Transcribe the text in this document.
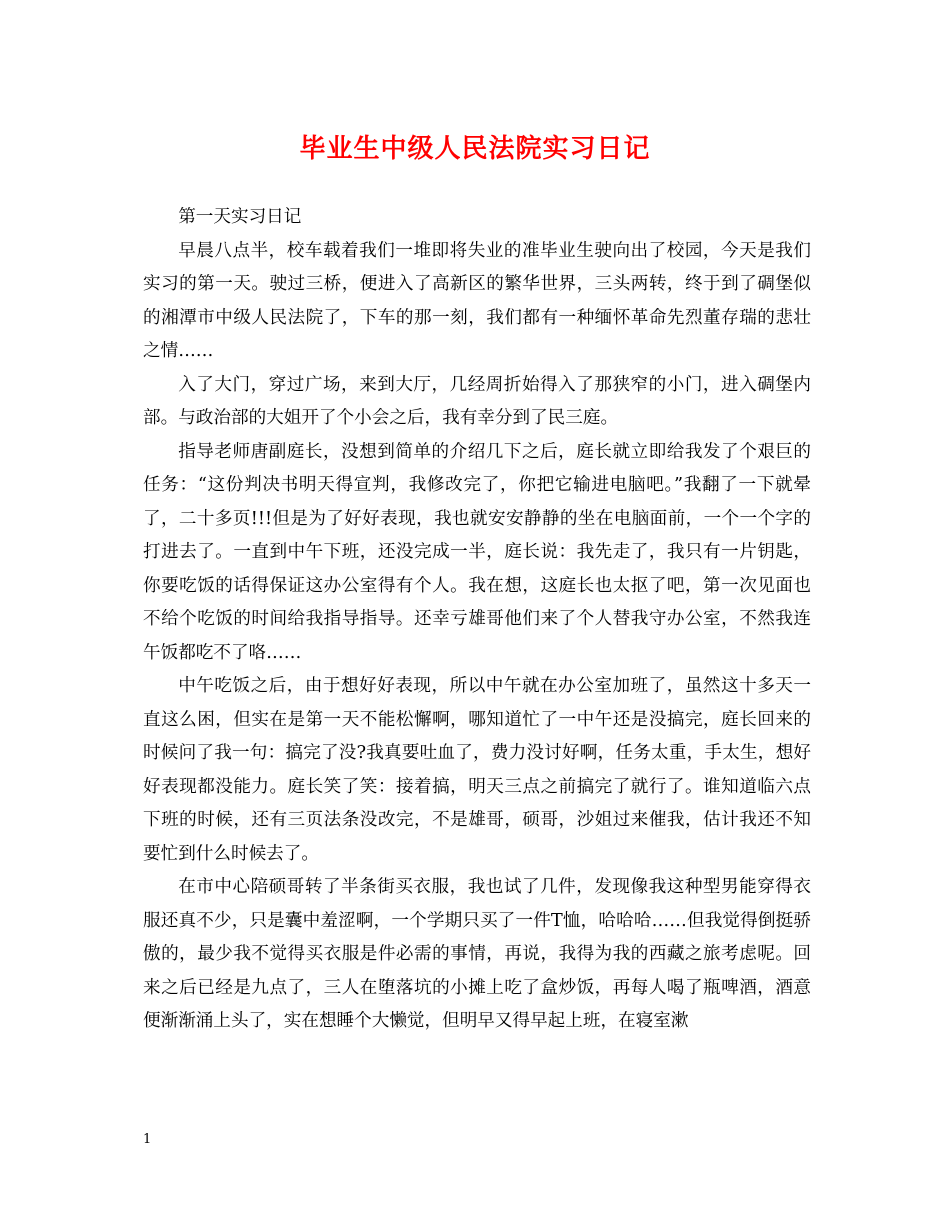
毕业生中级人民法院实习日记

第一天实习日记

早晨八点半，校车载着我们一堆即将失业的准毕业生驶向出了校园，今天是我们实习的第一天。驶过三桥，便进入了高新区的繁华世界，三头两转，终于到了碉堡似的湘潭市中级人民法院了，下车的那一刻，我们都有一种缅怀革命先烈董存瑞的悲壮之情……

入了大门，穿过广场，来到大厅，几经周折始得入了那狭窄的小门，进入碉堡内部。与政治部的大姐开了个小会之后，我有幸分到了民三庭。

指导老师唐副庭长，没想到简单的介绍几下之后，庭长就立即给我发了个艰巨的任务：“这份判决书明天得宣判，我修改完了，你把它输进电脑吧。”我翻了一下就晕了，二十多页!!!但是为了好好表现，我也就安安静静的坐在电脑面前，一个一个字的打进去了。一直到中午下班，还没完成一半，庭长说：我先走了，我只有一片钥匙，你要吃饭的话得保证这办公室得有个人。我在想，这庭长也太抠了吧，第一次见面也不给个吃饭的时间给我指导指导。还幸亏雄哥他们来了个人替我守办公室，不然我连午饭都吃不了咯……

中午吃饭之后，由于想好好表现，所以中午就在办公室加班了，虽然这十多天一直这么困，但实在是第一天不能松懈啊，哪知道忙了一中午还是没搞完，庭长回来的时候问了我一句：搞完了没?我真要吐血了，费力没讨好啊，任务太重，手太生，想好好表现都没能力。庭长笑了笑：接着搞，明天三点之前搞完了就行了。谁知道临六点下班的时候，还有三页法条没改完，不是雄哥，硕哥，沙姐过来催我，估计我还不知要忙到什么时候去了。

在市中心陪硕哥转了半条街买衣服，我也试了几件，发现像我这种型男能穿得衣服还真不少，只是囊中羞涩啊，一个学期只买了一件T恤，哈哈哈……但我觉得倒挺骄傲的，最少我不觉得买衣服是件必需的事情，再说，我得为我的西藏之旅考虑呢。回来之后已经是九点了，三人在堕落坑的小摊上吃了盒炒饭，再每人喝了瓶啤酒，酒意便渐渐涌上头了，实在想睡个大懒觉，但明早又得早起上班，在寝室漱

1
